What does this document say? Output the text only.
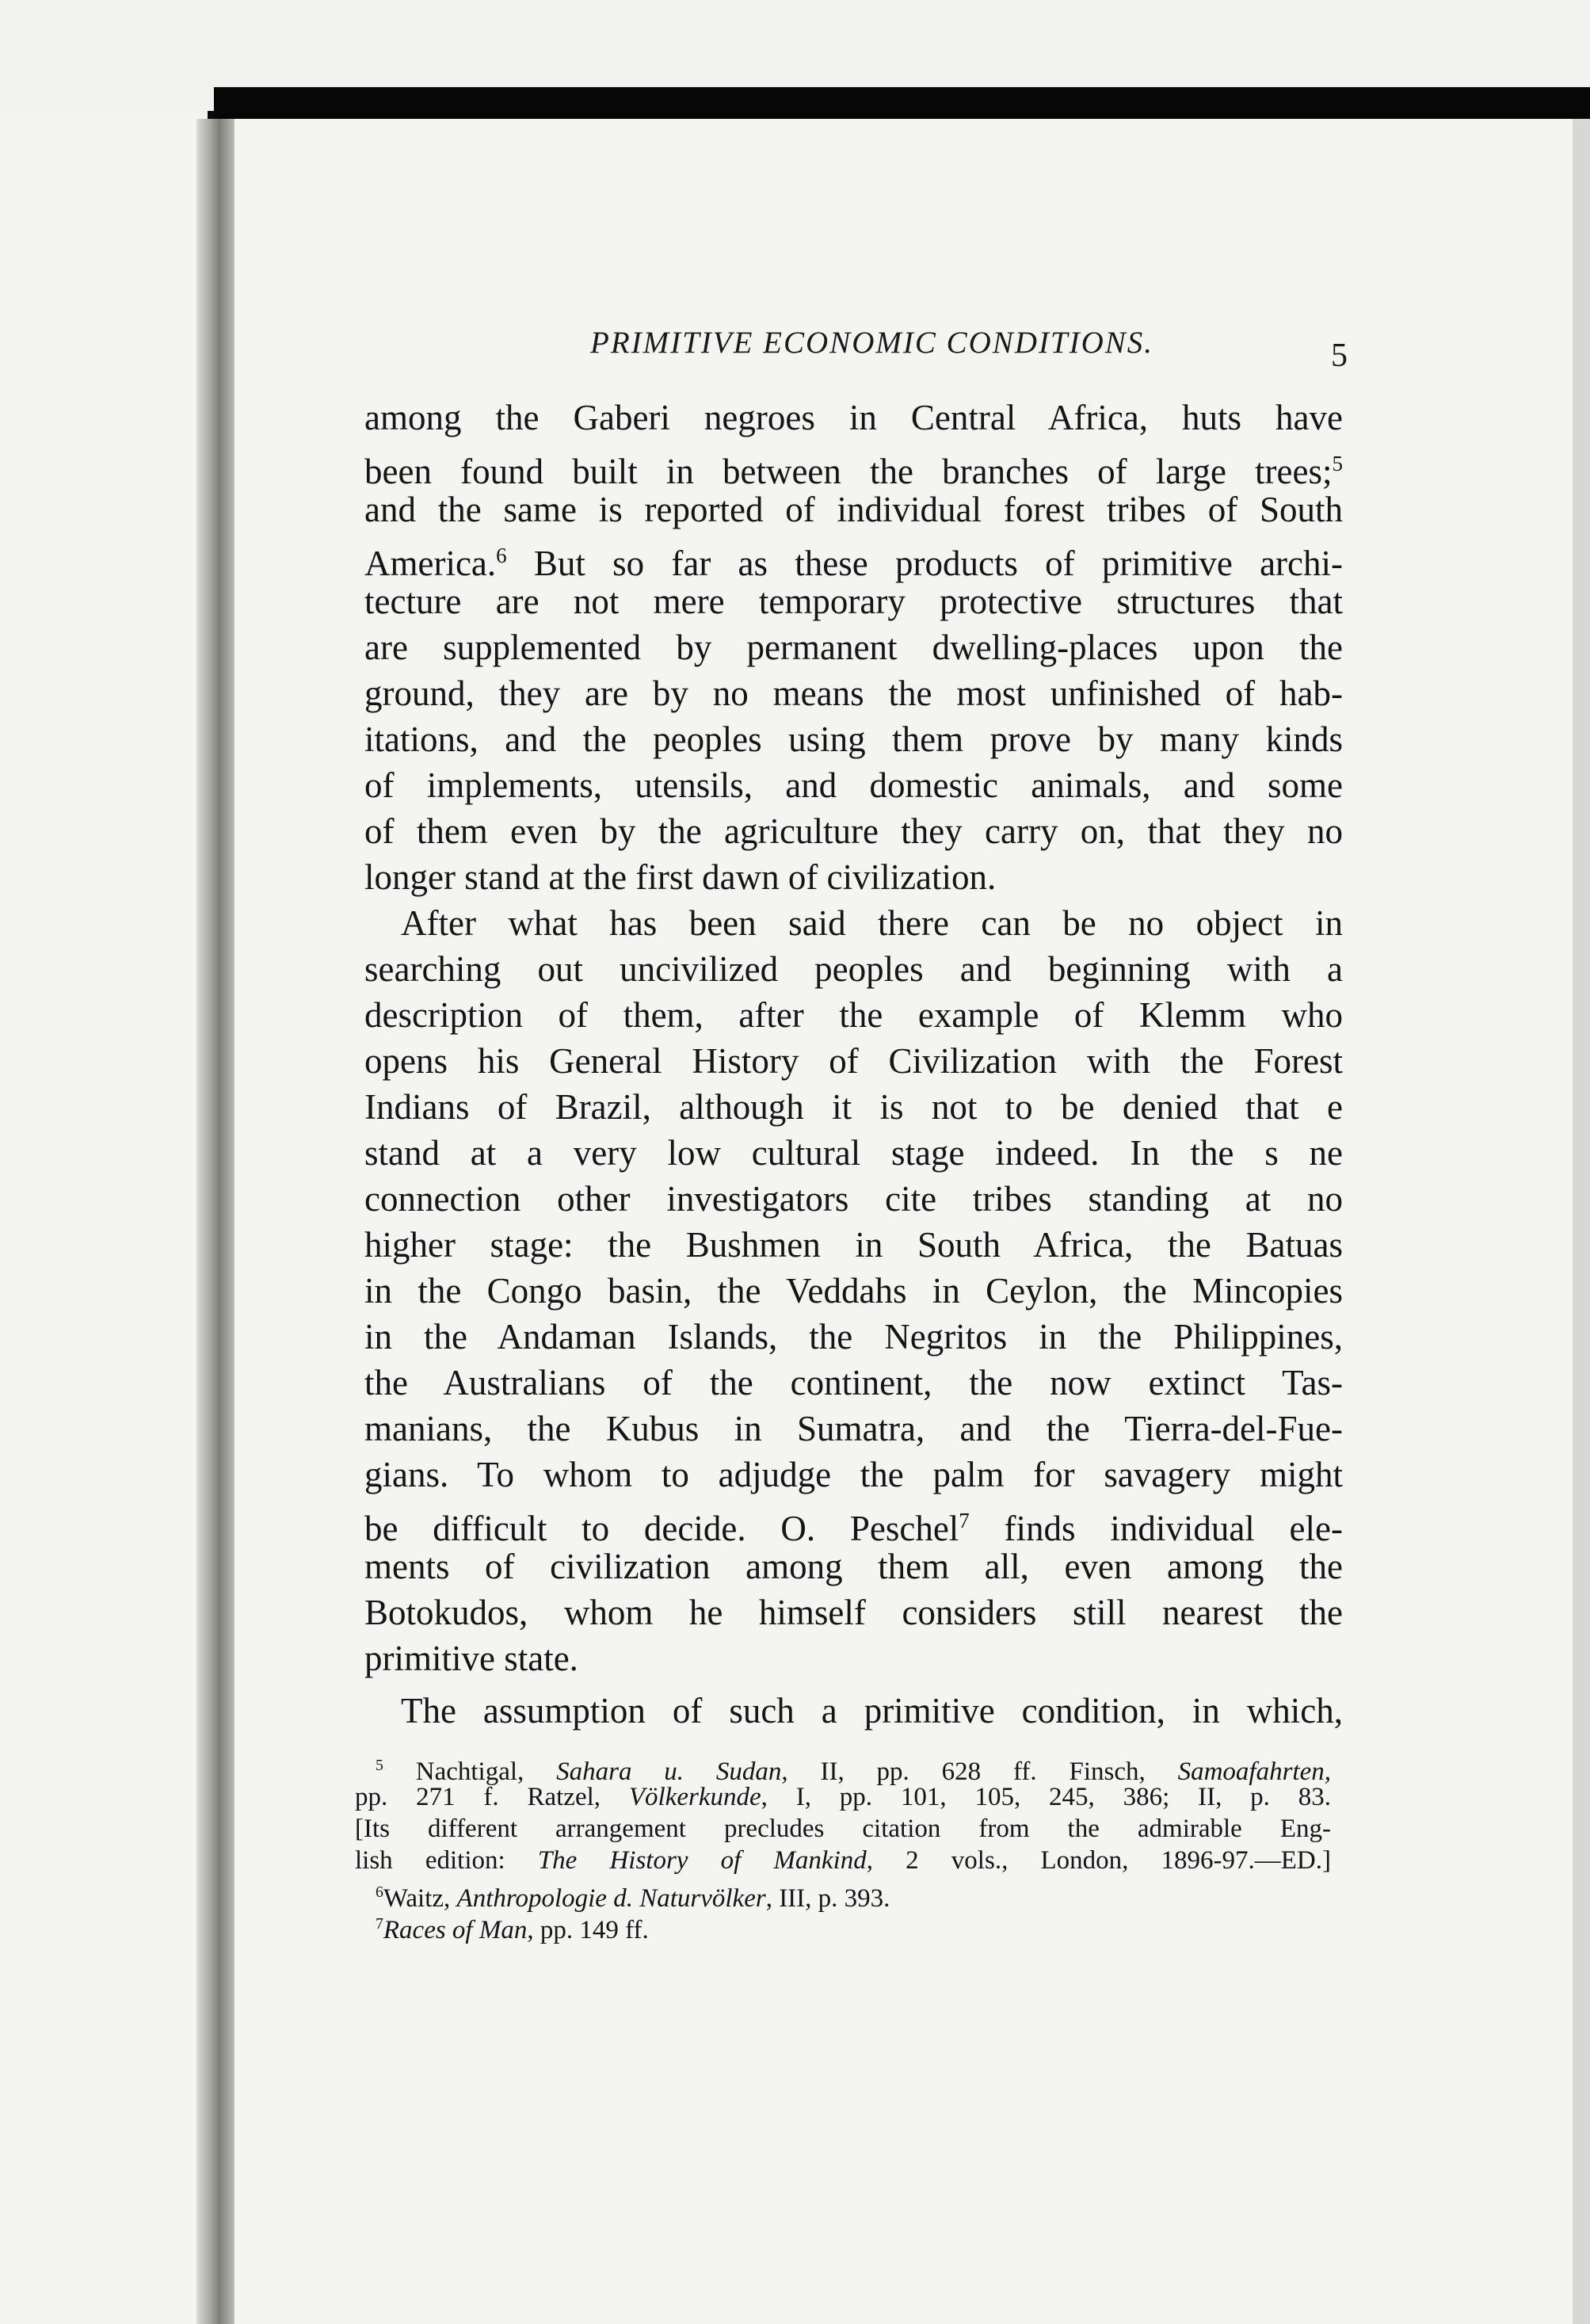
PRIMITIVE ECONOMIC CONDITIONS.	5
among the Gaberi negroes in Central Africa, huts have
been found built in between the branches of large trees;$^5$
and the same is reported of individual forest tribes of South
America.$^6$ But so far as these products of primitive archi-
tecture are not mere temporary protective structures that
are supplemented by permanent dwelling-places upon the
ground, they are by no means the most unfinished of hab-
itations, and the peoples using them prove by many kinds
of implements, utensils, and domestic animals, and some
of them even by the agriculture they carry on, that they no
longer stand at the first dawn of civilization.
After what has been said there can be no object in
searching out uncivilized peoples and beginning with a
description of them, after the example of Klemm who
opens his General History of Civilization with the Forest
Indians of Brazil, although it is not to be denied that e
stand at a very low cultural stage indeed. In the s ne
connection other investigators cite tribes standing at no
higher stage: the Bushmen in South Africa, the Batuas
in the Congo basin, the Veddahs in Ceylon, the Mincopies
in the Andaman Islands, the Negritos in the Philippines,
the Australians of the continent, the now extinct Tas-
manians, the Kubus in Sumatra, and the Tierra-del-Fue-
gians. To whom to adjudge the palm for savagery might
be difficult to decide. O. Peschel$^7$ finds individual ele-
ments of civilization among them all, even among the
Botokudos, whom he himself considers still nearest the
primitive state.
The assumption of such a primitive condition, in which,
$^5$ Nachtigal, Sahara u. Sudan, II, pp. 628 ff. Finsch, Samoafahrten,
pp. 271 f. Ratzel, Völkerkunde, I, pp. 101, 105, 245, 386; II, p. 83.
[Its different arrangement precludes citation from the admirable Eng-
lish edition: The History of Mankind, 2 vols., London, 1896-97.—ED.]
$^6$Waitz, Anthropologie d. Naturvölker, III, p. 393.
$^7$Races of Man, pp. 149 ff.
